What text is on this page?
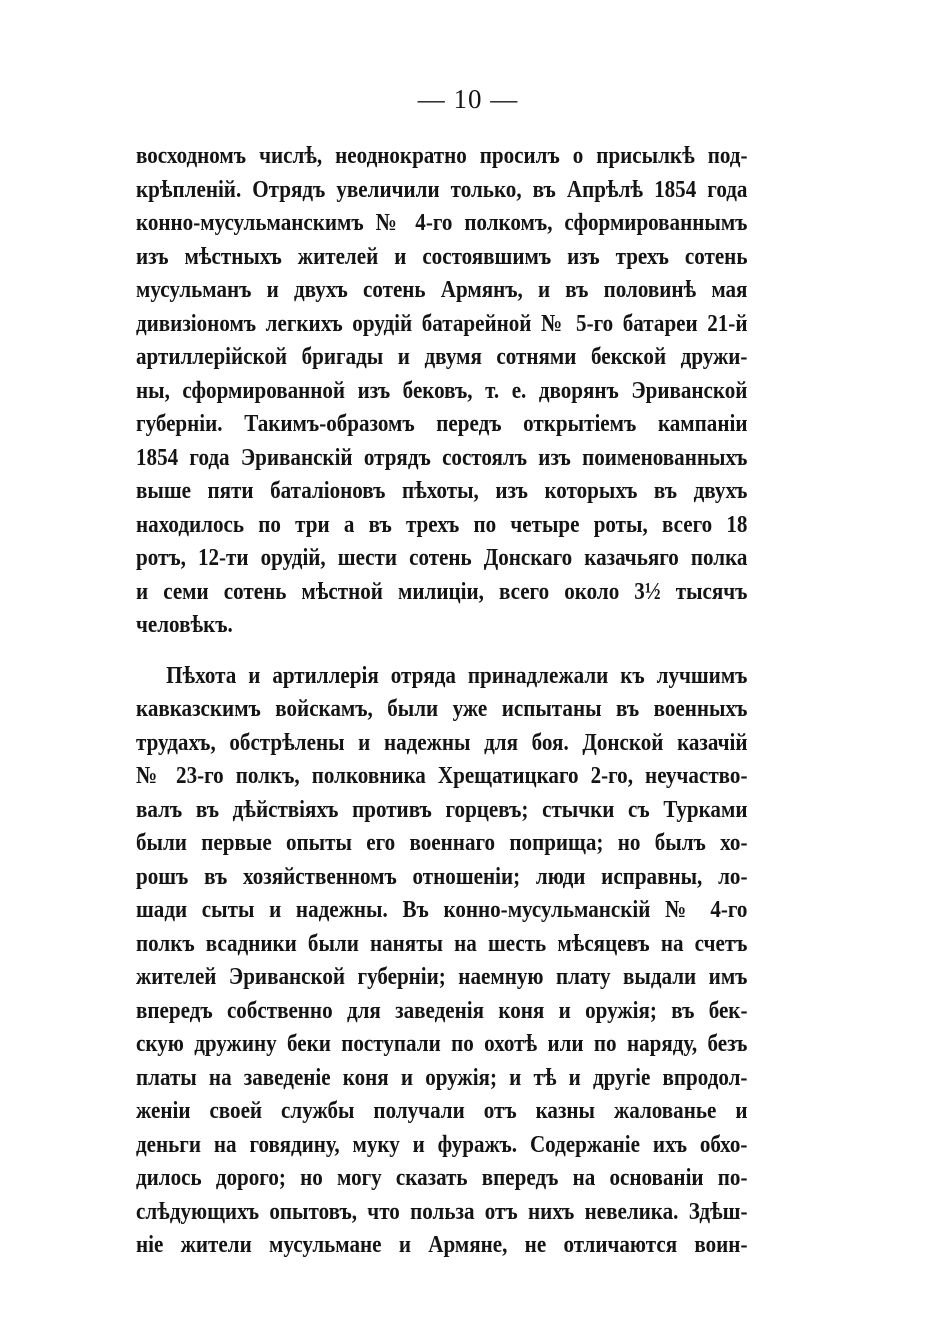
— 10 —
восходномъ числѣ, неоднократно просилъ о присылкѣ под-
крѣпленій. Отрядъ увеличили только, въ Апрѣлѣ 1854 года
конно-мусульманскимъ № 4-го полкомъ, сформированнымъ
изъ мѣстныхъ жителей и состоявшимъ изъ трехъ сотень
мусульманъ и двухъ сотень Армянъ, и въ половинѣ мая
дивизіономъ легкихъ орудій батарейной № 5-го батареи 21-й
артиллерійской бригады и двумя сотнями бекской дружи-
ны, сформированной изъ бековъ, т. е. дворянъ Эриванской
губерніи. Такимъ-образомъ передъ открытіемъ кампаніи
1854 года Эриванскій отрядъ состоялъ изъ поименованныхъ
выше пяти баталіоновъ пѣхоты, изъ которыхъ въ двухъ
находилось по три а въ трехъ по четыре роты, всего 18
ротъ, 12-ти орудій, шести сотень Донскаго казачьяго полка
и семи сотень мѣстной милиціи, всего около 3½ тысячъ
человѣкъ.
Пѣхота и артиллерія отряда принадлежали къ лучшимъ
кавказскимъ войскамъ, были уже испытаны въ военныхъ
трудахъ, обстрѣлены и надежны для боя. Донской казачій
№ 23-го полкъ, полковника Хрещатицкаго 2-го, неучаство-
валъ въ дѣйствіяхъ противъ горцевъ; стычки съ Турками
были первые опыты его военнаго поприща; но былъ хо-
рошъ въ хозяйственномъ отношеніи; люди исправны, ло-
шади сыты и надежны. Въ конно-мусульманскій № 4-го
полкъ всадники были наняты на шесть мѣсяцевъ на счетъ
жителей Эриванской губерніи; наемную плату выдали имъ
впередъ собственно для заведенія коня и оружія; въ бек-
скую дружину беки поступали по охотѣ или по наряду, безъ
платы на заведеніе коня и оружія; и тѣ и другіе впродол-
женіи своей службы получали отъ казны жалованье и
деньги на говядину, муку и фуражъ. Содержаніе ихъ обхо-
дилось дорого; но могу сказать впередъ на основаніи по-
слѣдующихъ опытовъ, что польза отъ нихъ невелика. Здѣш-
ніе жители мусульмане и Армяне, не отличаются воин-
